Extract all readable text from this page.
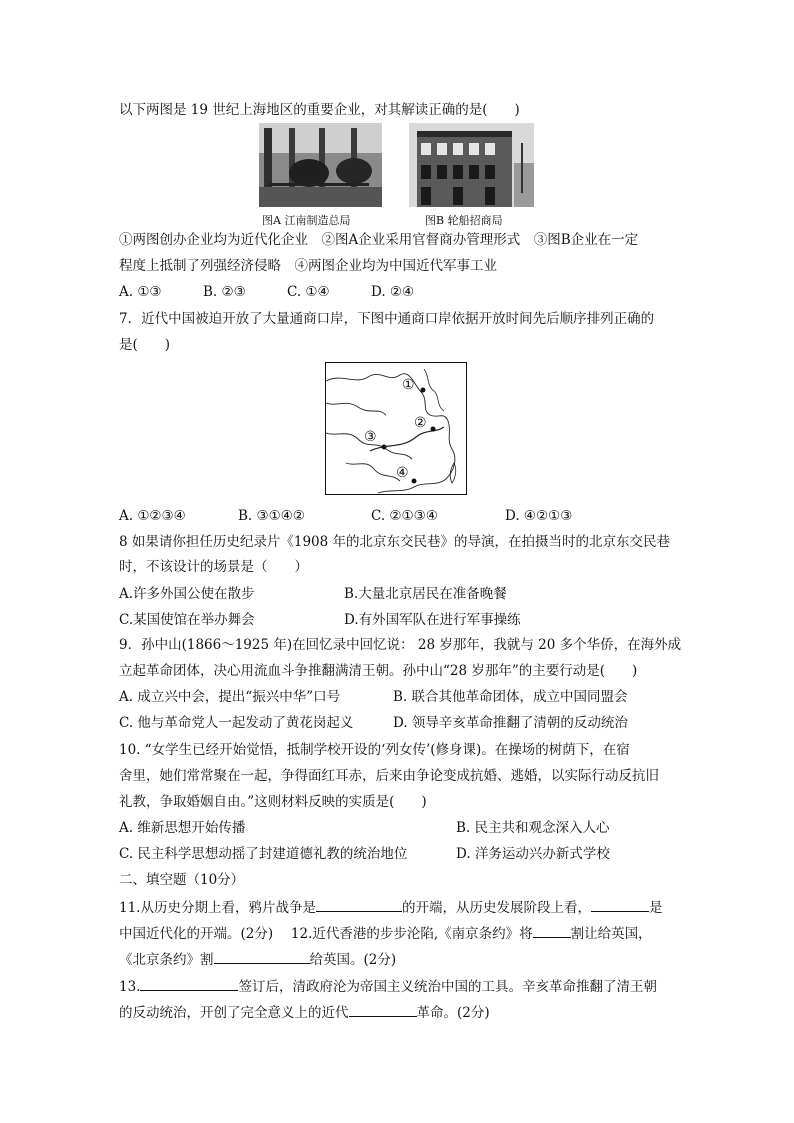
以下两图是 19 世纪上海地区的重要企业，对其解读正确的是(　　)
图A 江南制造总局	图B 轮船招商局
①两图创办企业均为近代化企业　②图A企业采用官督商办管理形式　③图B企业在一定
程度上抵制了列强经济侵略　④两图企业均为中国近代军事工业
A. ①③	B. ②③	C. ①④	D. ②④
7．近代中国被迫开放了大量通商口岸，下图中通商口岸依据开放时间先后顺序排列正确的
是(　　)
①
②
③
④
A. ①②③④	B. ③①④②	C. ②①③④	D. ④②①③
8 如果请你担任历史纪录片《1908 年的北京东交民巷》的导演，在拍摄当时的北京东交民巷
时，不该设计的场景是（　　）
A.许多外国公使在散步	B.大量北京居民在准备晚餐
C.某国使馆在举办舞会	D.有外国军队在进行军事操练
9．孙中山(1866～1925 年)在回忆录中回忆说： 28 岁那年，我就与 20 多个华侨，在海外成
立起革命团体，决心用流血斗争推翻满清王朝。孙中山“28 岁那年”的主要行动是(　　)
A. 成立兴中会，提出“振兴中华”口号	B. 联合其他革命团体，成立中国同盟会
C. 他与革命党人一起发动了黄花岗起义	D. 领导辛亥革命推翻了清朝的反动统治
10. “女学生已经开始觉悟，抵制学校开设的‘列女传’(修身课)。在操场的树荫下，在宿
舍里，她们常常聚在一起，争得面红耳赤，后来由争论变成抗婚、逃婚，以实际行动反抗旧
礼教，争取婚姻自由。”这则材料反映的实质是(　　)
A. 维新思想开始传播	B. 民主共和观念深入人心
C. 民主科学思想动摇了封建道德礼教的统治地位	D. 洋务运动兴办新式学校
二、填空题（10分）
11.从历史分期上看，鸦片战争是	的开端，从历史发展阶段上看，	是
中国近代化的开端。(2分)　 12.近代香港的步步沦陷,《南京条约》将	割让给英国，
《北京条约》割	给英国。(2分)
13.	签订后，清政府沦为帝国主义统治中国的工具。辛亥革命推翻了清王朝
的反动统治，开创了完全意义上的近代	革命。(2分)
